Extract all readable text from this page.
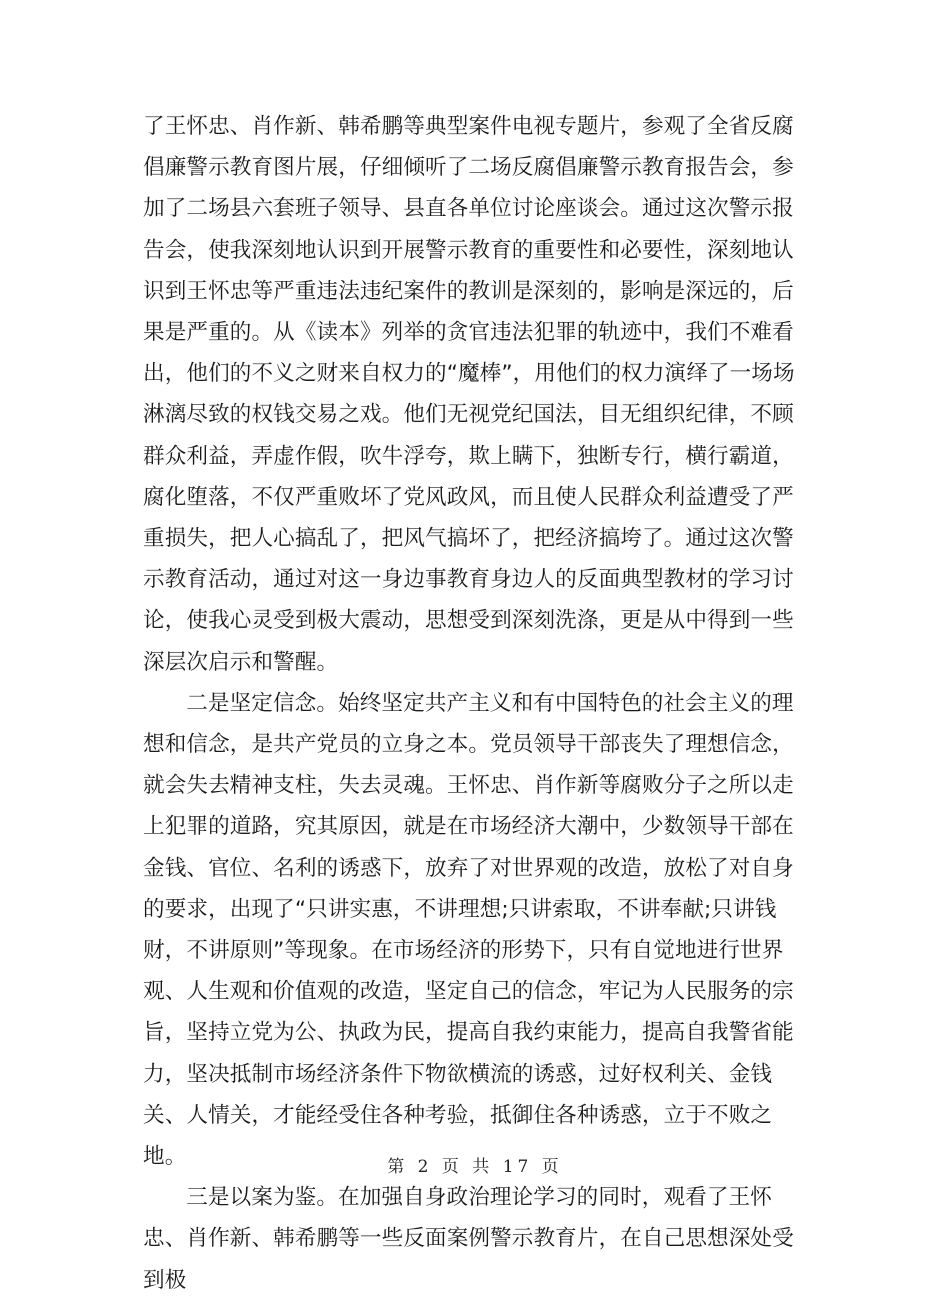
了王怀忠、肖作新、韩希鹏等典型案件电视专题片，参观了全省反腐倡廉警示教育图片展，仔细倾听了二场反腐倡廉警示教育报告会，参加了二场县六套班子领导、县直各单位讨论座谈会。通过这次警示报告会，使我深刻地认识到开展警示教育的重要性和必要性，深刻地认识到王怀忠等严重违法违纪案件的教训是深刻的，影响是深远的，后果是严重的。从《读本》列举的贪官违法犯罪的轨迹中，我们不难看出，他们的不义之财来自权力的“魔棒”，用他们的权力演绎了一场场淋漓尽致的权钱交易之戏。他们无视党纪国法，目无组织纪律，不顾群众利益，弄虚作假，吹牛浮夸，欺上瞒下，独断专行，横行霸道，腐化堕落，不仅严重败坏了党风政风，而且使人民群众利益遭受了严重损失，把人心搞乱了，把风气搞坏了，把经济搞垮了。通过这次警示教育活动，通过对这一身边事教育身边人的反面典型教材的学习讨论，使我心灵受到极大震动，思想受到深刻洗涤，更是从中得到一些深层次启示和警醒。

二是坚定信念。始终坚定共产主义和有中国特色的社会主义的理想和信念，是共产党员的立身之本。党员领导干部丧失了理想信念，就会失去精神支柱，失去灵魂。王怀忠、肖作新等腐败分子之所以走上犯罪的道路，究其原因，就是在市场经济大潮中，少数领导干部在金钱、官位、名利的诱惑下，放弃了对世界观的改造，放松了对自身的要求，出现了“只讲实惠，不讲理想;只讲索取，不讲奉献;只讲钱财，不讲原则”等现象。在市场经济的形势下，只有自觉地进行世界观、人生观和价值观的改造，坚定自己的信念，牢记为人民服务的宗旨，坚持立党为公、执政为民，提高自我约束能力，提高自我警省能力，坚决抵制市场经济条件下物欲横流的诱惑，过好权利关、金钱关、人情关，才能经受住各种考验，抵御住各种诱惑，立于不败之地。

三是以案为鉴。在加强自身政治理论学习的同时，观看了王怀忠、肖作新、韩希鹏等一些反面案例警示教育片，在自己思想深处受到极

第 2 页 共 17 页
